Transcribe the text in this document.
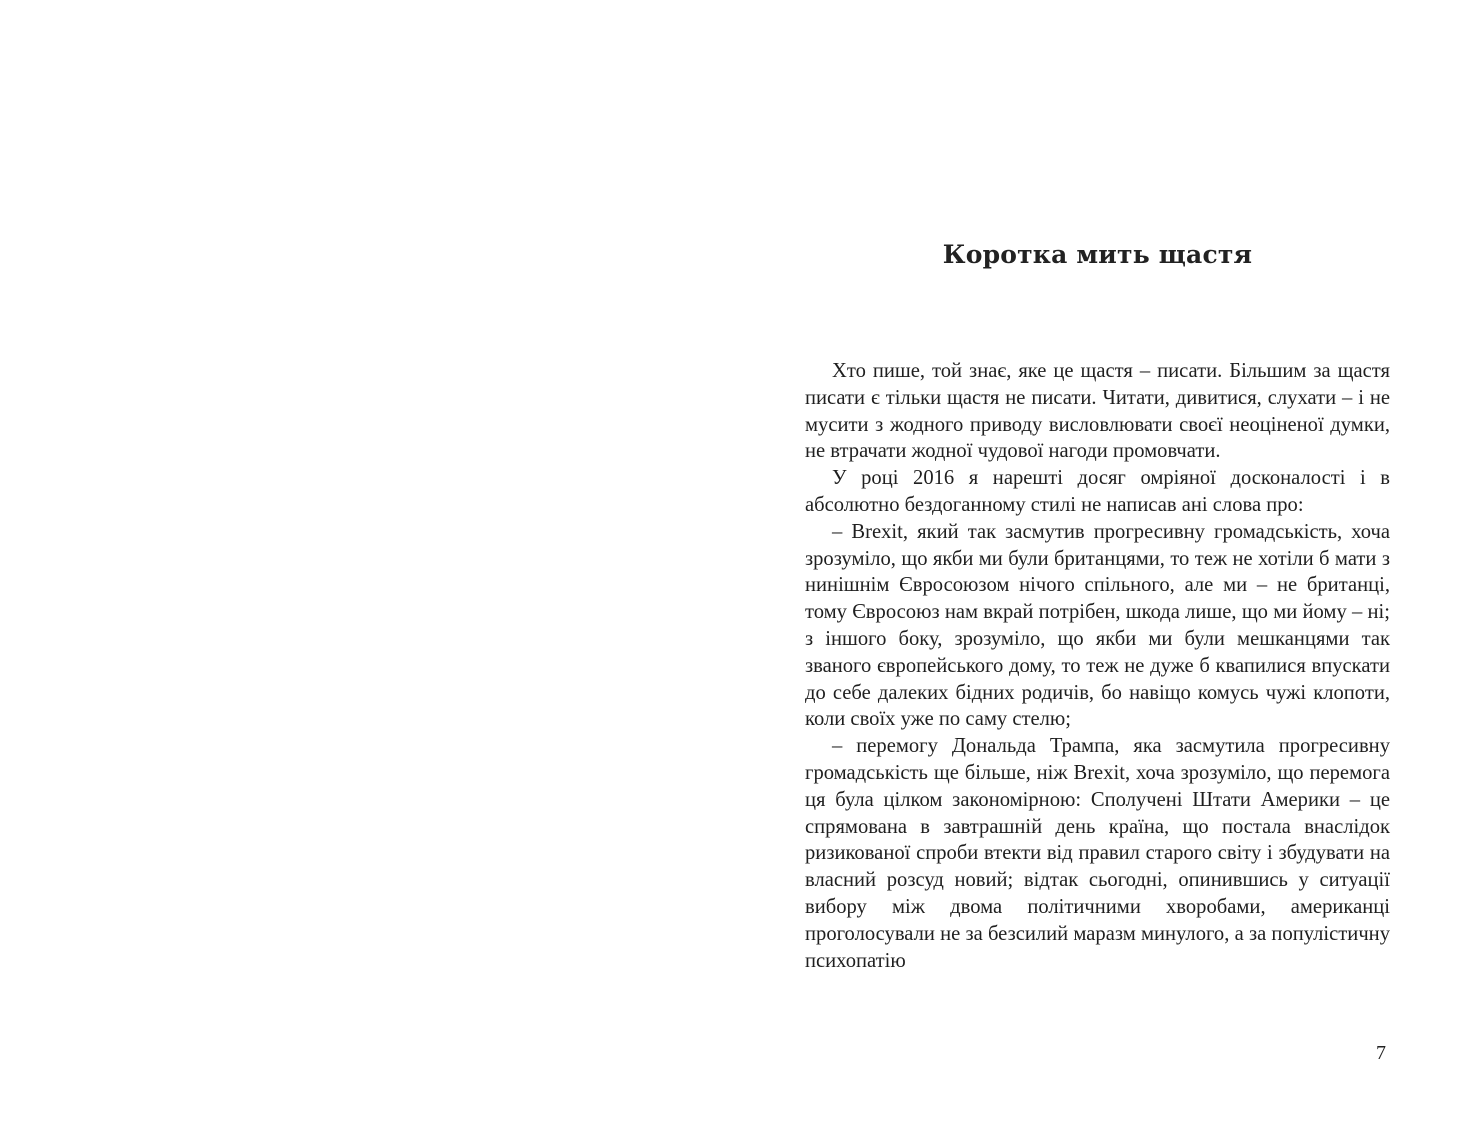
Коротка мить щастя

Хто пише, той знає, яке це щастя – писати. Більшим за щастя писати є тільки щастя не писати. Читати, дивитися, слухати – і не мусити з жодного приводу висловлювати своєї неоціненої думки, не втрачати жодної чудової нагоди промовчати.

У році 2016 я нарешті досяг омріяної досконалості і в абсолютно бездоганному стилі не написав ані слова про:

– Brexit, який так засмутив прогресивну громадськість, хоча зрозуміло, що якби ми були британцями, то теж не хотіли б мати з нинішнім Євросоюзом нічого спільного, але ми – не британці, тому Євросоюз нам вкрай потрібен, шкода лише, що ми йому – ні; з іншого боку, зрозуміло, що якби ми були мешканцями так званого європейського дому, то теж не дуже б квапилися впускати до себе далеких бідних родичів, бо навіщо комусь чужі клопоти, коли своїх уже по саму стелю;

– перемогу Дональда Трампа, яка засмутила прогресивну громадськість ще більше, ніж Brexit, хоча зрозуміло, що перемога ця була цілком закономірною: Сполучені Штати Америки – це спрямована в завтрашній день країна, що постала внаслідок ризикованої спроби втекти від правил старого світу і збудувати на власний розсуд новий; відтак сьогодні, опинившись у ситуації вибору між двома політичними хворобами, американці проголосували не за безсилий маразм минулого, а за популістичну психопатію

7
